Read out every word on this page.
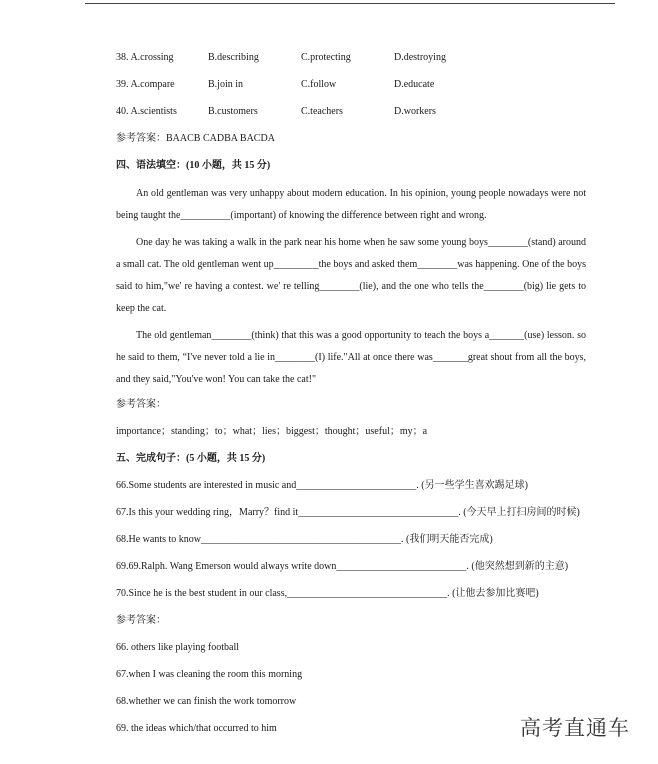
38. A.crossing	B.describing	C.protecting	D.destroying
39. A.compare	B.join in	C.follow	D.educate
40. A.scientists	B.customers	C.teachers	D.workers
参考答案：BAACB CADBA BACDA
四、语法填空：(10 小题，共 15 分)

An old gentleman was very unhappy about modern education. In his opinion, young people nowadays were not being taught the__________(important) of knowing the difference between right and wrong.

One day he was taking a walk in the park near his home when he saw some young boys________(stand) around a small cat. The old gentleman went up_________the boys and asked them________was happening. One of the boys said to him,"we' re having a contest. we' re telling________(lie), and the one who tells the________(big) lie gets to keep the cat.

The old gentleman________(think) that this was a good opportunity to teach the boys a_______(use) lesson. so he said to them, “I've never told a lie in________(I) life."All at once there was_______great shout from all the boys, and they said,"You've won! You can take the cat!"

参考答案：
importance；standing；to；what；lies；biggest；thought；useful；my；a
五、完成句子：(5 小题，共 15 分)
66.Some students are interested in music and________________________. (另一些学生喜欢踢足球)
67.Is this your wedding ring，Marry？find it________________________________. (今天早上打扫房间的时候)
68.He wants to know________________________________________. (我们明天能否完成)
69.69.Ralph. Wang Emerson would always write down__________________________. (他突然想到新的主意)
70.Since he is the best student in our class,________________________________. (让他去参加比赛吧)
参考答案：
66. others like playing football
67.when I was cleaning the room this morning
68.whether we can finish the work tomorrow
69. the ideas which/that occurred to him	高考直通车
